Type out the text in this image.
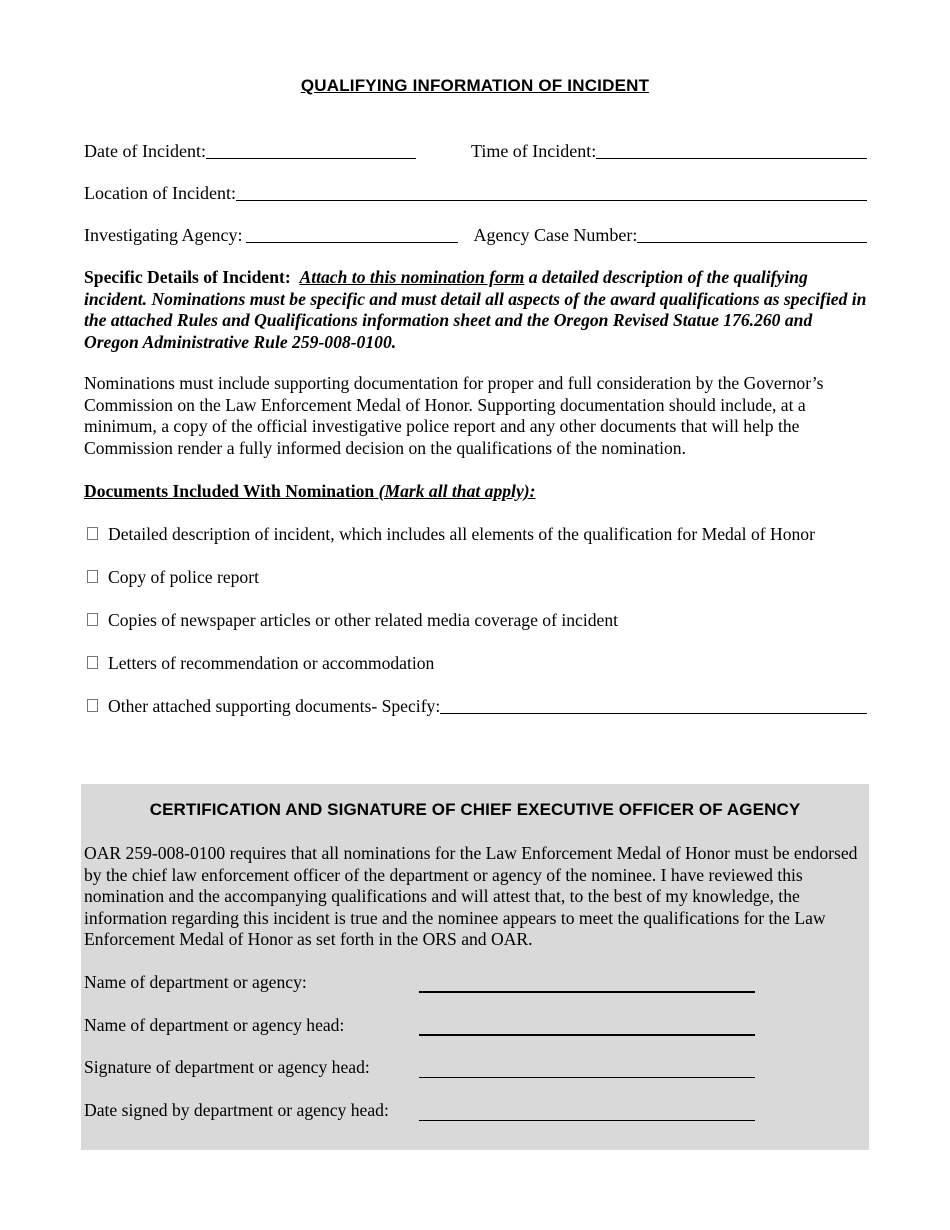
QUALIFYING INFORMATION OF INCIDENT
Date of Incident:	Time of Incident:
Location of Incident:
Investigating Agency:	Agency Case Number:
Specific Details of Incident: Attach to this nomination form a detailed description of the qualifying incident. Nominations must be specific and must detail all aspects of the award qualifications as specified in the attached Rules and Qualifications information sheet and the Oregon Revised Statue 176.260 and Oregon Administrative Rule 259-008-0100.
Nominations must include supporting documentation for proper and full consideration by the Governor’s Commission on the Law Enforcement Medal of Honor. Supporting documentation should include, at a minimum, a copy of the official investigative police report and any other documents that will help the Commission render a fully informed decision on the qualifications of the nomination.
Documents Included With Nomination (Mark all that apply):
Detailed description of incident, which includes all elements of the qualification for Medal of Honor
Copy of police report
Copies of newspaper articles or other related media coverage of incident
Letters of recommendation or accommodation
Other attached supporting documents- Specify:
CERTIFICATION AND SIGNATURE OF CHIEF EXECUTIVE OFFICER OF AGENCY
OAR 259-008-0100 requires that all nominations for the Law Enforcement Medal of Honor must be endorsed by the chief law enforcement officer of the department or agency of the nominee. I have reviewed this nomination and the accompanying qualifications and will attest that, to the best of my knowledge, the information regarding this incident is true and the nominee appears to meet the qualifications for the Law Enforcement Medal of Honor as set forth in the ORS and OAR.
Name of department or agency:
Name of department or agency head:
Signature of department or agency head:
Date signed by department or agency head:
